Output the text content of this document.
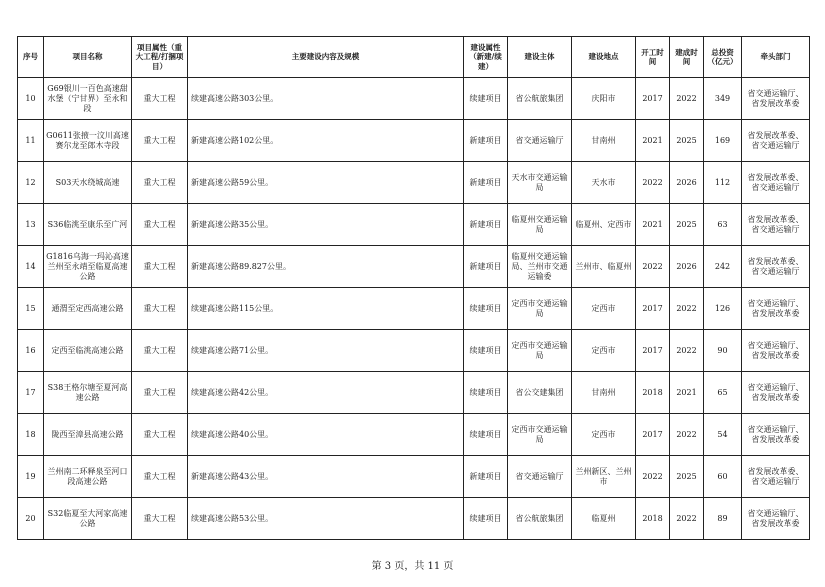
序号	项目名称	项目属性（重大工程/打捆项目）	主要建设内容及规模	建设属性（新建/续建）	建设主体	建设地点	开工时间	建成时间	总投资（亿元）	牵头部门
10	G69银川一百色高速甜水堡（宁甘界）至永和段	重大工程	续建高速公路303公里。	续建项目	省公航旅集团	庆阳市	2017	2022	349	省交通运输厅、省发展改革委
11	G0611张掖一汶川高速赛尔龙至郎木寺段	重大工程	新建高速公路102公里。	新建项目	省交通运输厅	甘南州	2021	2025	169	省发展改革委、省交通运输厅
12	S03天水绕城高速	重大工程	新建高速公路59公里。	新建项目	天水市交通运输局	天水市	2022	2026	112	省发展改革委、省交通运输厅
13	S36临洮至康乐至广河	重大工程	新建高速公路35公里。	新建项目	临夏州交通运输局	临夏州、定西市	2021	2025	63	省发展改革委、省交通运输厅
14	G1816乌海一玛沁高速兰州至永靖至临夏高速公路	重大工程	新建高速公路89.827公里。	新建项目	临夏州交通运输局、兰州市交通运输委	兰州市、临夏州	2022	2026	242	省发展改革委、省交通运输厅
15	通渭至定西高速公路	重大工程	续建高速公路115公里。	续建项目	定西市交通运输局	定西市	2017	2022	126	省交通运输厅、省发展改革委
16	定西至临洮高速公路	重大工程	续建高速公路71公里。	续建项目	定西市交通运输局	定西市	2017	2022	90	省交通运输厅、省发展改革委
17	S38王格尔塘至夏河高速公路	重大工程	续建高速公路42公里。	续建项目	省公交建集团	甘南州	2018	2021	65	省交通运输厅、省发展改革委
18	陇西至漳县高速公路	重大工程	续建高速公路40公里。	续建项目	定西市交通运输局	定西市	2017	2022	54	省交通运输厅、省发展改革委
19	兰州南二环释泉至河口段高速公路	重大工程	新建高速公路43公里。	新建项目	省交通运输厅	兰州新区、兰州市	2022	2025	60	省发展改革委、省交通运输厅
20	S32临夏至大河家高速公路	重大工程	续建高速公路53公里。	续建项目	省公航旅集团	临夏州	2018	2022	89	省交通运输厅、省发展改革委
第 3 页，共 11 页
